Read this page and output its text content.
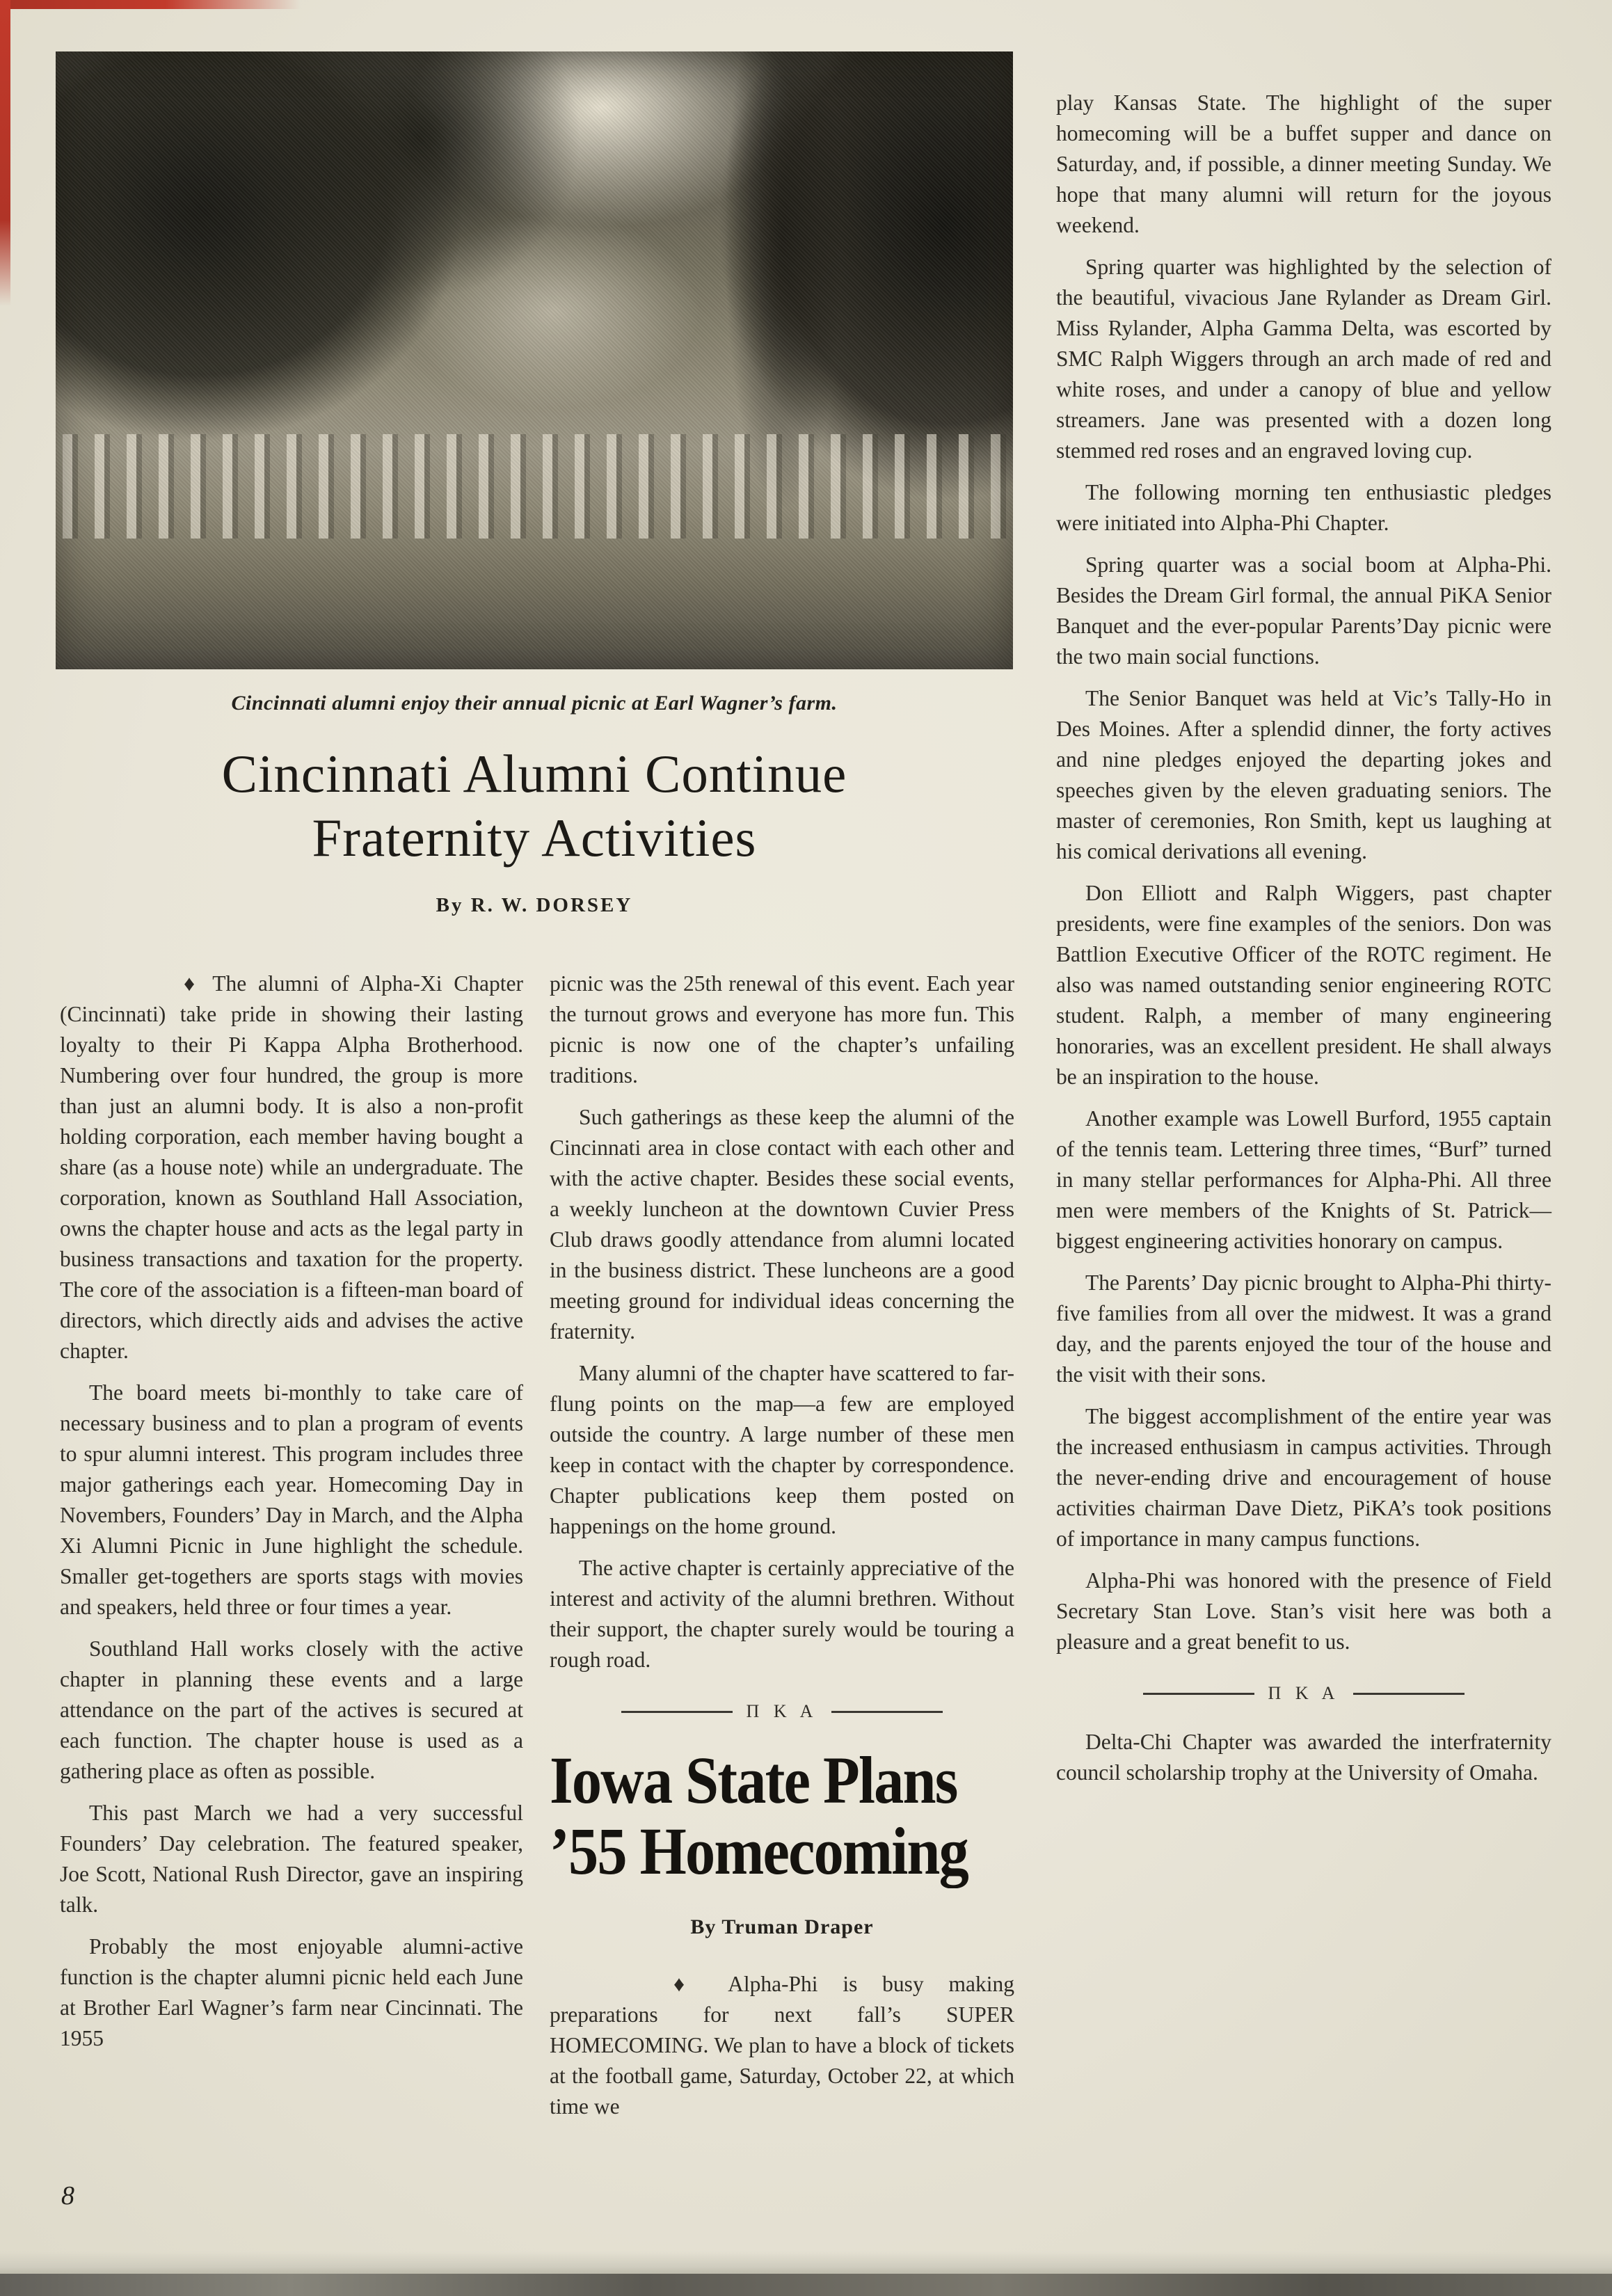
Cincinnati alumni enjoy their annual picnic at Earl Wagner’s farm.
Cincinnati Alumni Continue
Fraternity Activities
By R. W. DORSEY

♦ The alumni of Alpha-Xi Chapter (Cincinnati) take pride in showing their lasting loyalty to their Pi Kappa Alpha Brotherhood. Numbering over four hundred, the group is more than just an alumni body. It is also a non-profit holding corporation, each member having bought a share (as a house note) while an undergraduate. The corporation, known as Southland Hall Association, owns the chapter house and acts as the legal party in business transactions and taxation for the property. The core of the association is a fifteen-man board of directors, which directly aids and advises the active chapter.

The board meets bi-monthly to take care of necessary business and to plan a program of events to spur alumni interest. This program includes three major gatherings each year. Homecoming Day in Novembers, Founders’ Day in March, and the Alpha Xi Alumni Picnic in June highlight the schedule. Smaller get-togethers are sports stags with movies and speakers, held three or four times a year.

Southland Hall works closely with the active chapter in planning these events and a large attendance on the part of the actives is secured at each function. The chapter house is used as a gathering place as often as possible.

This past March we had a very successful Founders’ Day celebration. The featured speaker, Joe Scott, National Rush Director, gave an inspiring talk.

Probably the most enjoyable alumni-active function is the chapter alumni picnic held each June at Brother Earl Wagner’s farm near Cincinnati. The 1955

picnic was the 25th renewal of this event. Each year the turnout grows and everyone has more fun. This picnic is now one of the chapter’s unfailing traditions.

Such gatherings as these keep the alumni of the Cincinnati area in close contact with each other and with the active chapter. Besides these social events, a weekly luncheon at the downtown Cuvier Press Club draws goodly attendance from alumni located in the business district. These luncheons are a good meeting ground for individual ideas concerning the fraternity.

Many alumni of the chapter have scattered to far-flung points on the map—a few are employed outside the country. A large number of these men keep in contact with the chapter by correspondence. Chapter publications keep them posted on happenings on the home ground.

The active chapter is certainly appreciative of the interest and activity of the alumni brethren. Without their support, the chapter surely would be touring a rough road.

Π K A
Iowa State Plans
’55 Homecoming
By Truman Draper

♦ Alpha-Phi is busy making preparations for next fall’s SUPER HOMECOMING. We plan to have a block of tickets at the football game, Saturday, October 22, at which time we

play Kansas State. The highlight of the super homecoming will be a buffet supper and dance on Saturday, and, if possible, a dinner meeting Sunday. We hope that many alumni will return for the joyous weekend.

Spring quarter was highlighted by the selection of the beautiful, vivacious Jane Rylander as Dream Girl. Miss Rylander, Alpha Gamma Delta, was escorted by SMC Ralph Wiggers through an arch made of red and white roses, and under a canopy of blue and yellow streamers. Jane was presented with a dozen long stemmed red roses and an engraved loving cup.

The following morning ten enthusiastic pledges were initiated into Alpha-Phi Chapter.

Spring quarter was a social boom at Alpha-Phi. Besides the Dream Girl formal, the annual PiKA Senior Banquet and the ever-popular Parents’Day picnic were the two main social functions.

The Senior Banquet was held at Vic’s Tally-Ho in Des Moines. After a splendid dinner, the forty actives and nine pledges enjoyed the departing jokes and speeches given by the eleven graduating seniors. The master of ceremonies, Ron Smith, kept us laughing at his comical derivations all evening.

Don Elliott and Ralph Wiggers, past chapter presidents, were fine examples of the seniors. Don was Battlion Executive Officer of the ROTC regiment. He also was named outstanding senior engineering ROTC student. Ralph, a member of many engineering honoraries, was an excellent president. He shall always be an inspiration to the house.

Another example was Lowell Burford, 1955 captain of the tennis team. Lettering three times, “Burf” turned in many stellar performances for Alpha-Phi. All three men were members of the Knights of St. Patrick—biggest engineering activities honorary on campus.

The Parents’ Day picnic brought to Alpha-Phi thirty-five families from all over the midwest. It was a grand day, and the parents enjoyed the tour of the house and the visit with their sons.

The biggest accomplishment of the entire year was the increased enthusiasm in campus activities. Through the never-ending drive and encouragement of house activities chairman Dave Dietz, PiKA’s took positions of importance in many campus functions.

Alpha-Phi was honored with the presence of Field Secretary Stan Love. Stan’s visit here was both a pleasure and a great benefit to us.

Π K A

Delta-Chi Chapter was awarded the interfraternity council scholarship trophy at the University of Omaha.

8
